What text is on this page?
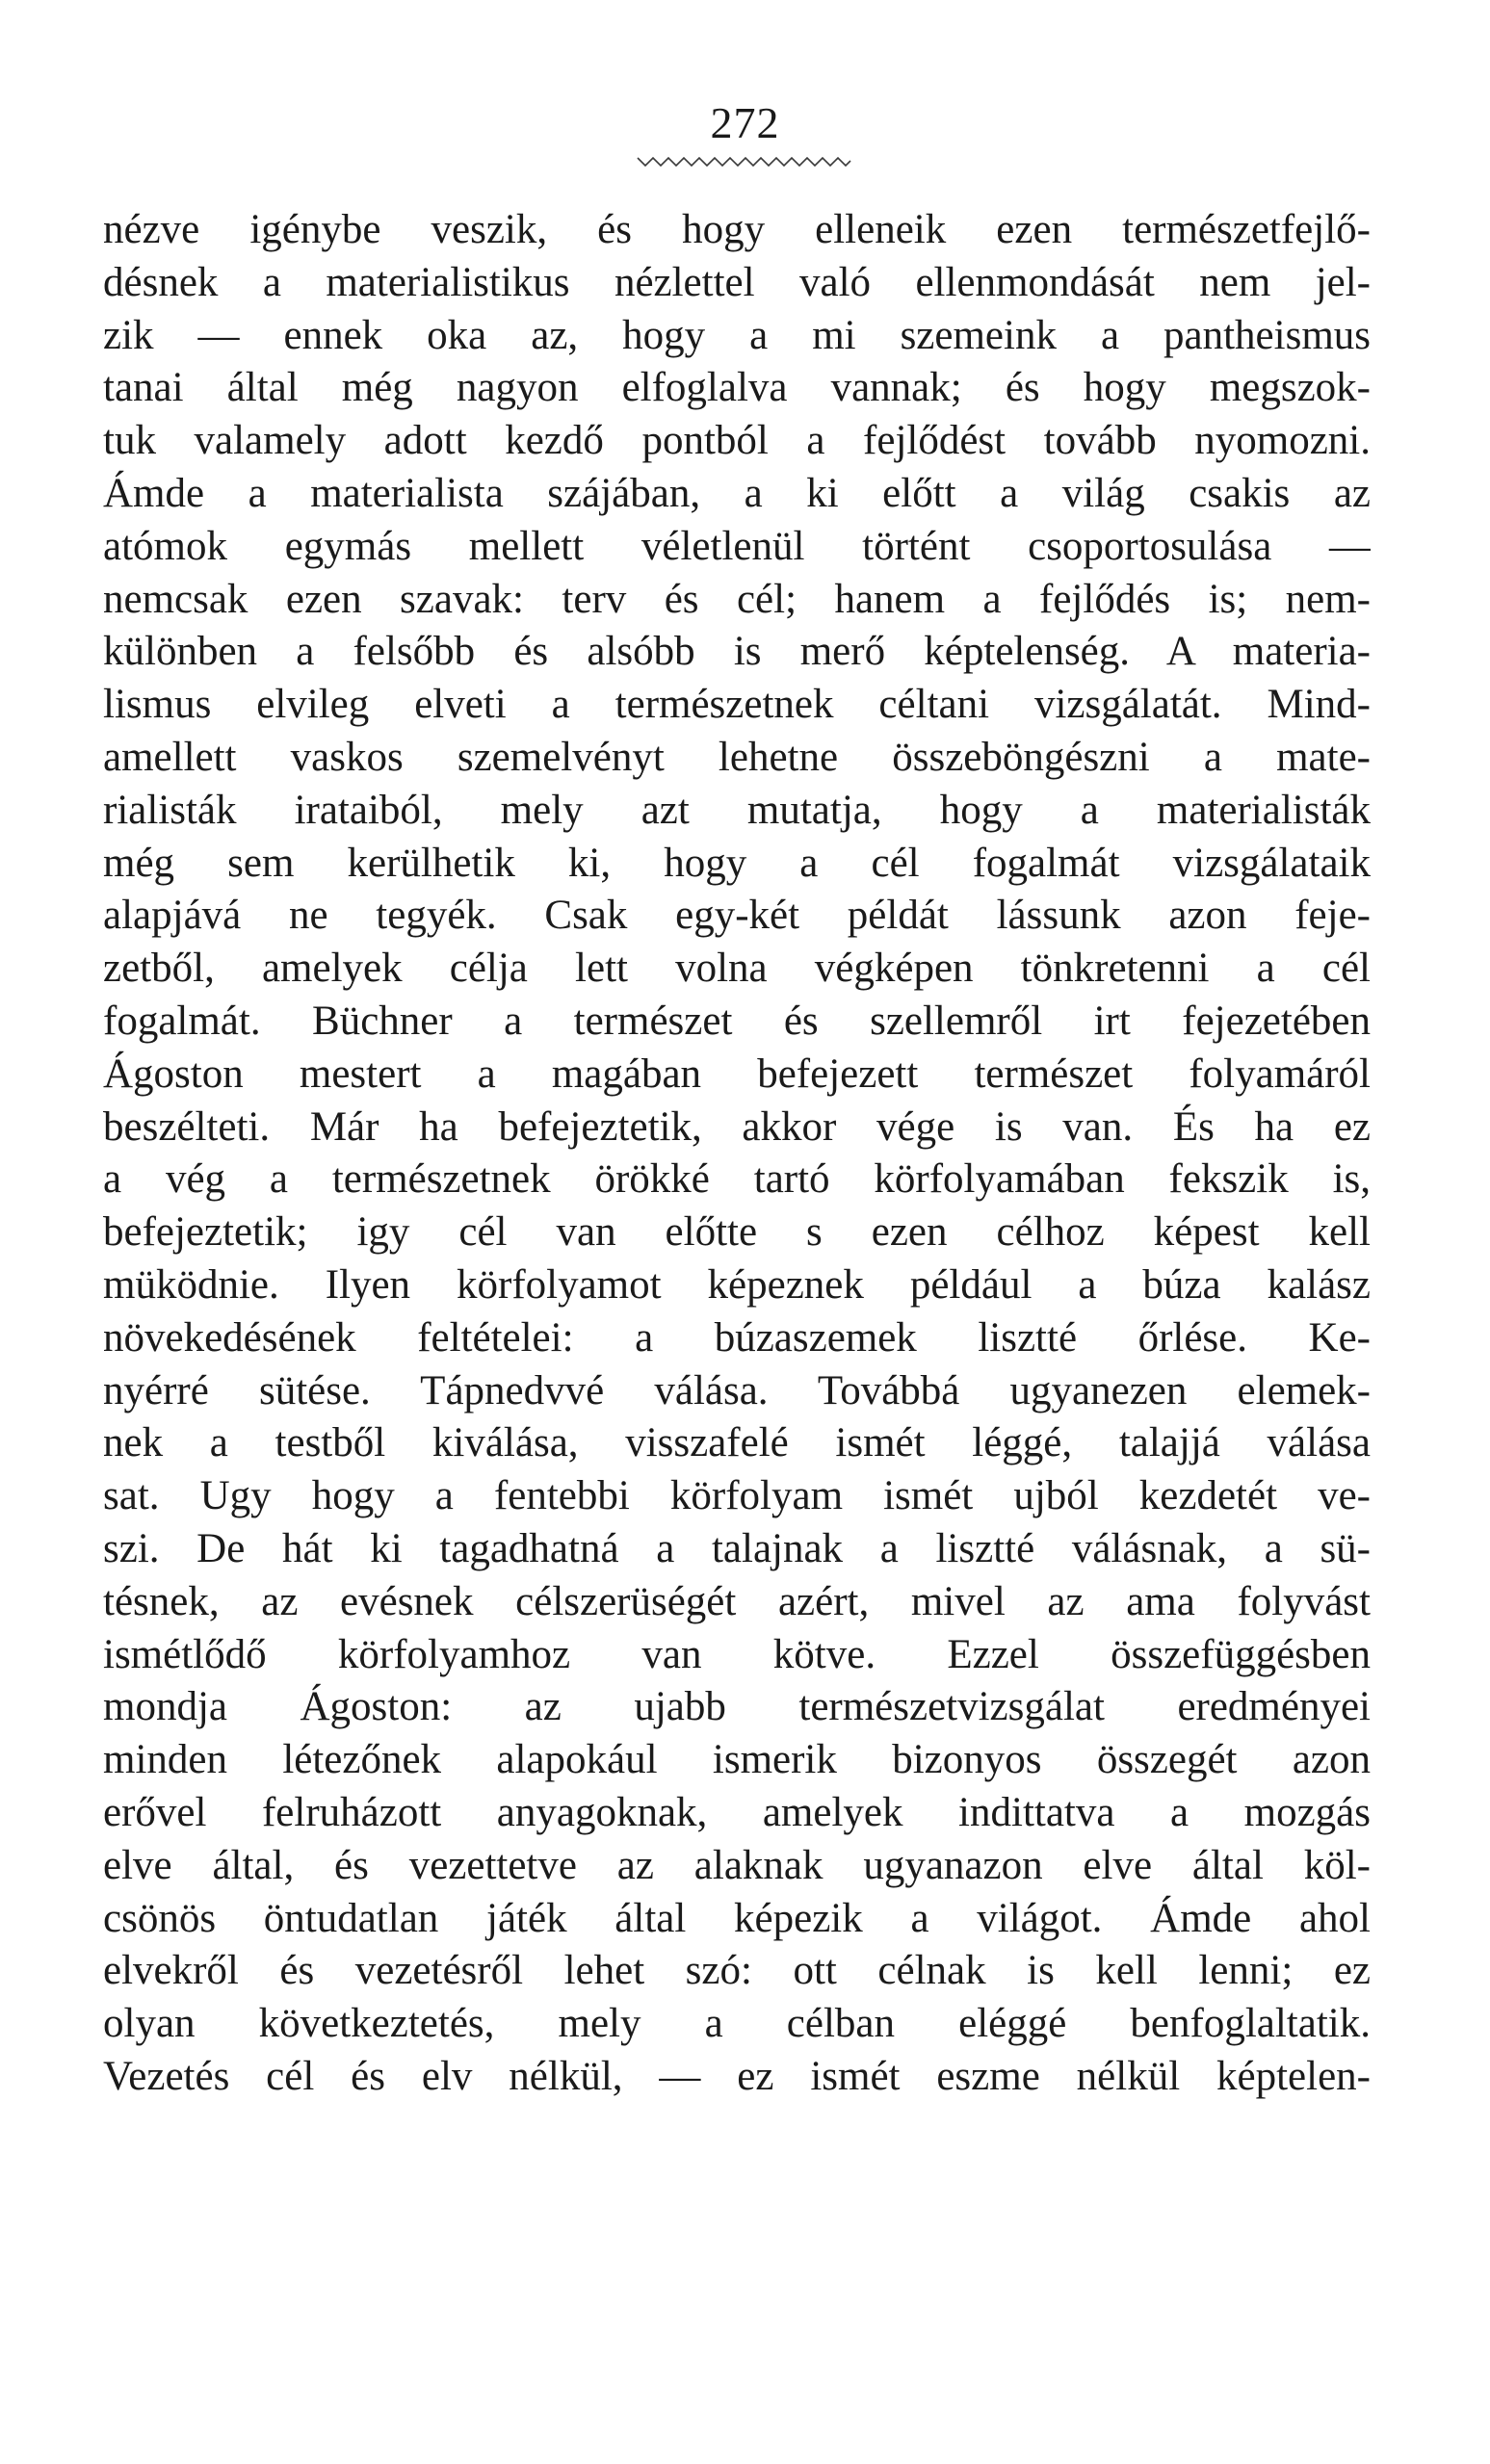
272
nézve igénybe veszik, és hogy elleneik ezen természetfejlő-
désnek a materialistikus nézlettel való ellenmondását nem jel-
zik — ennek oka az, hogy a mi szemeink a pantheismus
tanai által még nagyon elfoglalva vannak; és hogy megszok-
tuk valamely adott kezdő pontból a fejlődést tovább nyomozni.
Ámde a materialista szájában, a ki előtt a világ csakis az
atómok egymás mellett véletlenül történt csoportosulása —
nemcsak ezen szavak: terv és cél; hanem a fejlődés is; nem-
különben a felsőbb és alsóbb is merő képtelenség. A materia-
lismus elvileg elveti a természetnek céltani vizsgálatát. Mind-
amellett vaskos szemelvényt lehetne összeböngészni a mate-
rialisták irataiból, mely azt mutatja, hogy a materialisták
még sem kerülhetik ki, hogy a cél fogalmát vizsgálataik
alapjává ne tegyék. Csak egy-két példát lássunk azon feje-
zetből, amelyek célja lett volna végképen tönkretenni a cél
fogalmát. Büchner a természet és szellemről irt fejezetében
Ágoston mestert a magában befejezett természet folyamáról
beszélteti. Már ha befejeztetik, akkor vége is van. És ha ez
a vég a természetnek örökké tartó körfolyamában fekszik is,
befejeztetik; igy cél van előtte s ezen célhoz képest kell
müködnie. Ilyen körfolyamot képeznek például a búza kalász
növekedésének feltételei: a búzaszemek lisztté őrlése. Ke-
nyérré sütése. Tápnedvvé válása. Továbbá ugyanezen elemek-
nek a testből kiválása, visszafelé ismét léggé, talajjá válása
sat. Ugy hogy a fentebbi körfolyam ismét ujból kezdetét ve-
szi. De hát ki tagadhatná a talajnak a lisztté válásnak, a sü-
tésnek, az evésnek célszerüségét azért, mivel az ama folyvást
ismétlődő körfolyamhoz van kötve. Ezzel összefüggésben
mondja Ágoston: az ujabb természetvizsgálat eredményei
minden létezőnek alapokául ismerik bizonyos összegét azon
erővel felruházott anyagoknak, amelyek indittatva a mozgás
elve által, és vezettetve az alaknak ugyanazon elve által köl-
csönös öntudatlan játék által képezik a világot. Ámde ahol
elvekről és vezetésről lehet szó: ott célnak is kell lenni; ez
olyan következtetés, mely a célban eléggé benfoglaltatik.
Vezetés cél és elv nélkül, — ez ismét eszme nélkül képtelen-
